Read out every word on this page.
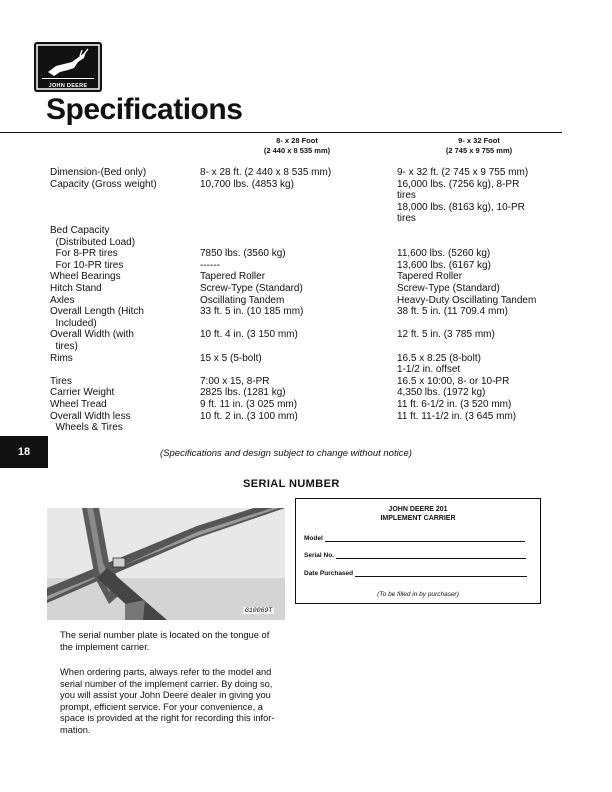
JOHN DEERE
Specifications
8- x 28 Foot
(2 440 x 8 535 mm)
9- x 32 Foot
(2 745 x 9 755 mm)
Dimension-(Bed only)	8- x 28 ft. (2 440 x 8 535 mm)	9- x 32 ft. (2 745 x 9 755 mm)
Capacity (Gross weight)	10,700 lbs. (4853 kg)	16,000 lbs. (7256 kg), 8-PR
tires
18,000 lbs. (8163 kg), 10-PR
tires
Bed Capacity
(Distributed Load)
For 8-PR tires	7850 lbs. (3560 kg)	11,600 lbs. (5260 kg)
For 10-PR tires	------	13,600 lbs. (6167 kg)
Wheel Bearings	Tapered Roller	Tapered Roller
Hitch Stand	Screw-Type (Standard)	Screw-Type (Standard)
Axles	Oscillating Tandem	Heavy-Duty Oscillating Tandem
Overall Length (Hitch	33 ft. 5 in. (10 185 mm)	38 ft. 5 in. (11 709.4 mm)
Included)
Overall Width (with	10 ft. 4 in. (3 150 mm)	12 ft. 5 in. (3 785 mm)
tires)
Rims	15 x 5 (5-bolt)	16.5 x 8.25 (8-bolt)
1-1/2 in. offset
Tires	7:00 x 15, 8-PR	16.5 x 10:00, 8- or 10-PR
Carrier Weight	2825 lbs. (1281 kg)	4,350 lbs. (1972 kg)
Wheel Tread	9 ft. 11 in. (3 025 mm)	11 ft. 6-1/2 in. (3 520 mm)
Overall Width less	10 ft. 2 in. (3 100 mm)	11 ft. 11-1/2 in. (3 645 mm)
Wheels & Tires
18	(Specifications and design subject to change without notice)
SERIAL NUMBER
G10069T
JOHN DEERE 201
IMPLEMENT CARRIER
Model
Serial No.
Date Purchased
(To be filled in by purchaser)
The serial number plate is located on the tongue of
the implement carrier.
When ordering parts, always refer to the model and
serial number of the implement carrier. By doing so,
you will assist your John Deere dealer in giving you
prompt, efficient service. For your convenience, a
space is provided at the right for recording this infor-
mation.
